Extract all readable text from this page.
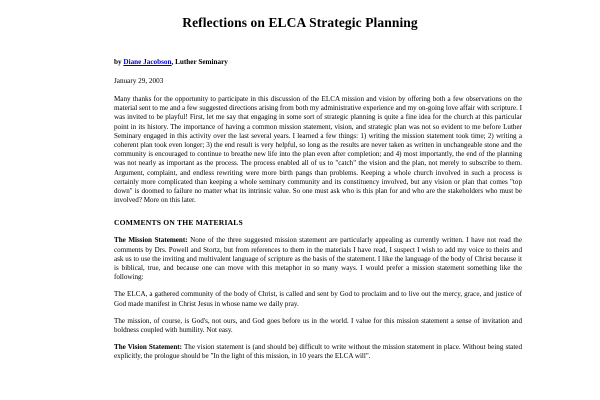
Reflections on ELCA Strategic Planning
by Diane Jacobson, Luther Seminary
January 29, 2003

Many thanks for the opportunity to participate in this discussion of the ELCA mission and vision by offering both a few observations on the material sent to me and a few suggested directions arising from both my administrative experience and my on-going love affair with scripture. I was invited to be playful! First, let me say that engaging in some sort of strategic planning is quite a fine idea for the church at this particular point in its history. The importance of having a common mission statement, vision, and strategic plan was not so evident to me before Luther Seminary engaged in this activity over the last several years. I learned a few things: 1) writing the mission statement took time; 2) writing a coherent plan took even longer; 3) the end result is very helpful, so long as the results are never taken as written in unchangeable stone and the community is encouraged to continue to breathe new life into the plan even after completion; and 4) most importantly, the end of the planning was not nearly as important as the process. The process enabled all of us to "catch" the vision and the plan, not merely to subscribe to them. Argument, complaint, and endless rewriting were more birth pangs than problems. Keeping a whole church involved in such a process is certainly more complicated than keeping a whole seminary community and its constituency involved, but any vision or plan that comes "top down" is doomed to failure no matter what its intrinsic value. So one must ask who is this plan for and who are the stakeholders who must be involved? More on this later.

COMMENTS ON THE MATERIALS

The Mission Statement: None of the three suggested mission statement are particularly appealing as currently written. I have not read the comments by Drs. Powell and Stortz, but from references to them in the materials I have read, I suspect I wish to add my voice to theirs and ask us to use the inviting and multivalent language of scripture as the basis of the statement. I like the language of the body of Christ because it is biblical, true, and because one can move with this metaphor in so many ways. I would prefer a mission statement something like the following:

The ELCA, a gathered community of the body of Christ, is called and sent by God to proclaim and to live out the mercy, grace, and justice of God made manifest in Christ Jesus in whose name we daily pray.

The mission, of course, is God's, not ours, and God goes before us in the world. I value for this mission statement a sense of invitation and boldness coupled with humility. Not easy.

The Vision Statement: The vision statement is (and should be) difficult to write without the mission statement in place. Without being stated explicitly, the prologue should be "In the light of this mission, in 10 years the ELCA will".
